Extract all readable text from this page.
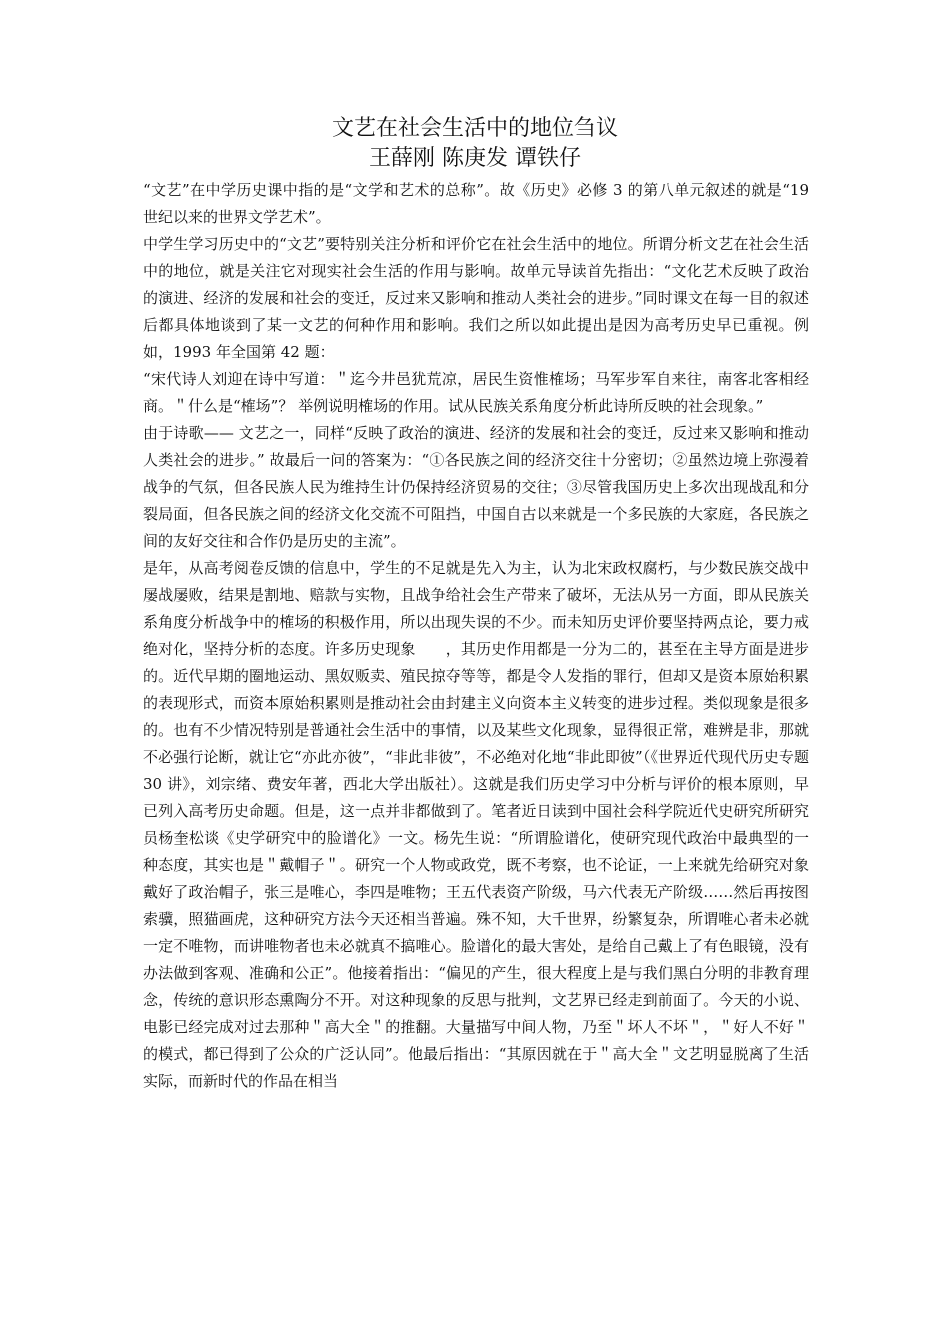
文艺在社会生活中的地位刍议
王薛刚 陈庚发 谭铁仔

“文艺”在中学历史课中指的是“文学和艺术的总称”。故《历史》必修 3 的第八单元叙述的就是“19 世纪以来的世界文学艺术”。

中学生学习历史中的“文艺”要特别关注分析和评价它在社会生活中的地位。所谓分析文艺在社会生活中的地位，就是关注它对现实社会生活的作用与影响。故单元导读首先指出：“文化艺术反映了政治的演进、经济的发展和社会的变迁，反过来又影响和推动人类社会的进步。”同时课文在每一目的叙述后都具体地谈到了某一文艺的何种作用和影响。我们之所以如此提出是因为高考历史早已重视。例如，1993 年全国第 42 题：

“宋代诗人刘迎在诗中写道：＂迄今井邑犹荒凉，居民生资惟榷场；马军步军自来往，南客北客相经商。＂什么是“榷场”？ 举例说明榷场的作用。试从民族关系角度分析此诗所反映的社会现象。”

由于诗歌—— 文艺之一，同样“反映了政治的演进、经济的发展和社会的变迁，反过来又影响和推动人类社会的进步。” 故最后一问的答案为：“①各民族之间的经济交往十分密切；②虽然边境上弥漫着战争的气氛，但各民族人民为维持生计仍保持经济贸易的交往；③尽管我国历史上多次出现战乱和分裂局面，但各民族之间的经济文化交流不可阻挡，中国自古以来就是一个多民族的大家庭，各民族之间的友好交往和合作仍是历史的主流”。

是年，从高考阅卷反馈的信息中，学生的不足就是先入为主，认为北宋政权腐朽，与少数民族交战中屡战屡败，结果是割地、赔款与实物，且战争给社会生产带来了破坏，无法从另一方面，即从民族关系角度分析战争中的榷场的积极作用，所以出现失误的不少。而未知历史评价要坚持两点论，要力戒绝对化，坚持分析的态度。许多历史现象　　，其历史作用都是一分为二的，甚至在主导方面是进步的。近代早期的圈地运动、黑奴贩卖、殖民掠夺等等，都是令人发指的罪行，但却又是资本原始积累的表现形式，而资本原始积累则是推动社会由封建主义向资本主义转变的进步过程。类似现象是很多的。也有不少情况特别是普通社会生活中的事情，以及某些文化现象，显得很正常，难辨是非，那就不必强行论断，就让它“亦此亦彼”，“非此非彼”，不必绝对化地“非此即彼”（《世界近代现代历史专题 30 讲》，刘宗绪、费安年著，西北大学出版社）。这就是我们历史学习中分析与评价的根本原则，早已列入高考历史命题。但是，这一点并非都做到了。笔者近日读到中国社会科学院近代史研究所研究员杨奎松谈《史学研究中的脸谱化》一文。杨先生说：“所谓脸谱化，使研究现代政治中最典型的一种态度，其实也是＂戴帽子＂。研究一个人物或政党，既不考察，也不论证，一上来就先给研究对象戴好了政治帽子，张三是唯心，李四是唯物；王五代表资产阶级，马六代表无产阶级……然后再按图索骥，照猫画虎，这种研究方法今天还相当普遍。殊不知，大千世界，纷繁复杂，所谓唯心者未必就一定不唯物，而讲唯物者也未必就真不搞唯心。脸谱化的最大害处，是给自己戴上了有色眼镜，没有办法做到客观、准确和公正”。他接着指出：“偏见的产生，很大程度上是与我们黑白分明的非教育理念，传统的意识形态熏陶分不开。对这种现象的反思与批判，文艺界已经走到前面了。今天的小说、电影已经完成对过去那种＂高大全＂的推翻。大量描写中间人物，乃至＂坏人不坏＂，＂好人不好＂的模式，都已得到了公众的广泛认同”。他最后指出：“其原因就在于＂高大全＂文艺明显脱离了生活实际，而新时代的作品在相当
